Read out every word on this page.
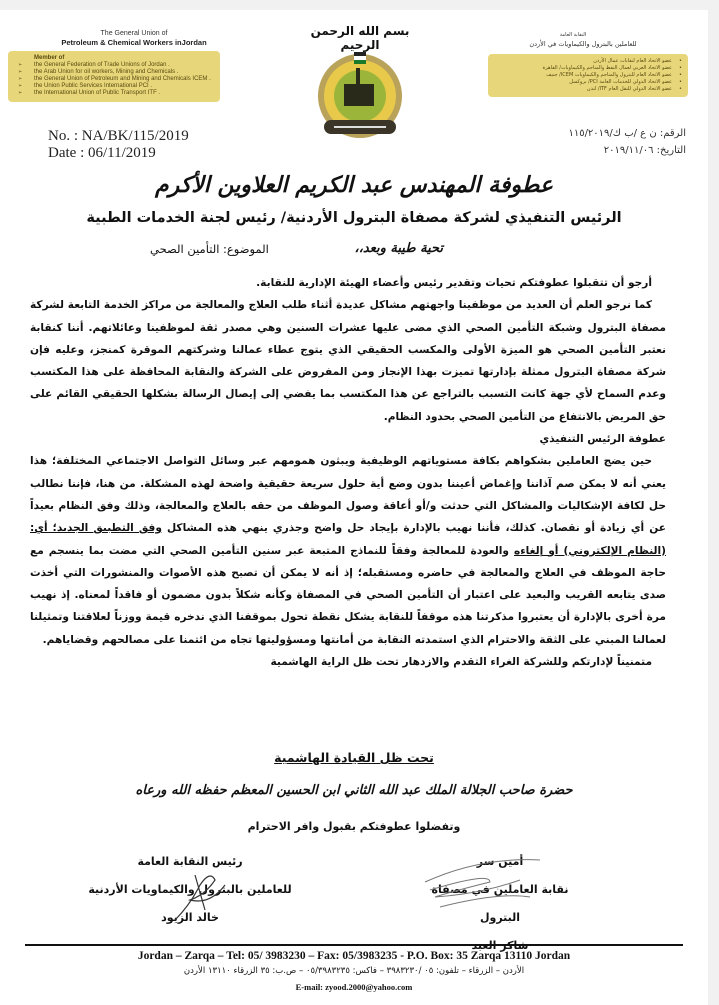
The General Union of
Petroleum & Chemical Workers inJordan
Member of
➢ the General Federation of Trade Unions of Jordan .
➢ the Arab Union for oil workers, Mining and Chemicals .
➢ the General Union of Petroleum and Mining and Chemicals ICEM .
➢ the Union Public Services International PCI .
➢ the International Union of Public Transport ITF .
No. : NA/BK/115/2019
Date : 06/11/2019
بسم الله الرحمن الرحيم
النقابة العامة
للعاملين بالبترول والكيماويات في الأردن
• عضو الاتحاد العام لنقابات عمال الأردن
• عضو الاتحاد العربي لعمال النفط والمناجم والكيماويات/ القاهرة
• عضو الاتحاد العام للبترول والمناجم والكيماويات ICEM/ جنيف
• عضو الاتحاد الدولي للخدمات العامة PCI/ بروكسل
• عضو الاتحاد الدولي للنقل العام ITF/ لندن
الرقم: ن ع /ب ك/١١٥/٢٠١٩
التاريخ: ٢٠١٩/١١/٠٦
عطوفة المهندس عبد الكريم العلاوين الأكرم
الرئيس التنفيذي لشركة مصفاة البترول الأردنية/ رئيس لجنة الخدمات الطبية
تحية طيبة وبعد،،
الموضوع: التأمين الصحي

أرجو أن تتقبلوا عطوفتكم تحيات وتقدير رئيس وأعضاء الهيئة الإدارية للنقابة.

كما نرجو العلم أن العديد من موظفينا واجهتهم مشاكل عديدة أثناء طلب العلاج والمعالجة من مراكز الخدمة التابعة لشركة مصفاة البترول وشبكة التأمين الصحي الذي مضى عليها عشرات السنين وهي مصدر ثقة لموظفينا وعائلاتهم. أننا كنقابة نعتبر التأمين الصحي هو الميزة الأولى والمكسب الحقيقي الذي يتوج عطاء عمالنا وشركتهم الموقرة كمنجز، وعليه فإن شركة مصفاة البترول ممثلة بإدارتها تميزت بهذا الإنجاز ومن المفروض على الشركة والنقابة المحافظة على هذا المكتسب وعدم السماح لأي جهة كانت التسبب بالتراجع عن هذا المكتسب بما يفضي إلى إيصال الرسالة بشكلها الحقيقي القائم على حق المريض بالانتفاع من التأمين الصحي بحدود النظام.

عطوفة الرئيس التنفيذي

حين يضج العاملين بشكواهم بكافة مستوياتهم الوظيفية ويبثون همومهم عبر وسائل التواصل الاجتماعي المختلفة؛ هذا يعني أنه لا يمكن صم آذاننا وإغماض أعيننا بدون وضع أية حلول سريعة حقيقية واضحة لهذه المشكلة. من هنا، فإننا نطالب حل لكافة الإشكاليات والمشاكل التي حدثت و/أو أعاقة وصول الموظف من حقه بالعلاج والمعالجة، وذلك وفق النظام بعيداً عن أي زيادة أو نقصان. كذلك، فأننا نهيب بالإدارة بإيجاد حل واضح وجذري ينهي هذه المشاكل وفق التطبيق الجديد؛ أي: (النظام الإلكتروني) أو إلغاءه والعودة للمعالجة وفقاً للنماذج المتبعة عبر سنين التأمين الصحي التي مضت بما ينسجم مع حاجة الموظف في العلاج والمعالجة في حاضره ومستقبله؛ إذ أنه لا يمكن أن تصبح هذه الأصوات والمنشورات التي أخذت صدى يتابعه القريب والبعيد على اعتبار أن التأمين الصحي في المصفاة وكأنه شكلاً بدون مضمون أو فاقداً لمعناه. إذ نهيب مرة أخرى بالإدارة أن يعتبروا مذكرتنا هذه موقفاً للنقابة يشكل نقطة تحول بموقفنا الذي ندخره قيمة ووزناً لعلاقتنا وتمثيلنا لعمالنا المبني على الثقة والاحترام الذي استمدته النقابة من أمانتها ومسؤوليتها تجاه من ائتمنا على مصالحهم وقضاياهم.

متمنيناً لإدارتكم وللشركة الغراء التقدم والازدهار تحت ظل الراية الهاشمية

تحت ظل القيادة الهاشمية
حضرة صاحب الجلالة الملك عبد الله الثاني ابن الحسين المعظم حفظه الله ورعاه
وتفضلوا عطوفتكم بقبول وافر الاحترام
أمين سر
نقابة العاملين في مصفاة البترول
رئيس النقابة العامة
للعاملين بالبترول والكيماويات الأردنية
خالد الزيود
Jordan – Zarqa – Tel: 05/ 3983230 – Fax: 05/3983235 - P.O. Box: 35 Zarqa 13110 Jordan
الأردن – الزرقاء – تلفون: ٠٥ /٣٩٨٣٢٣٠ – فاكس: ٠٥/٣٩٨٣٢٣٥ – ص.ب: ٣٥ الزرقاء ١٣١١٠ الأردن
E-mail: zyood.2000@yahoo.com
